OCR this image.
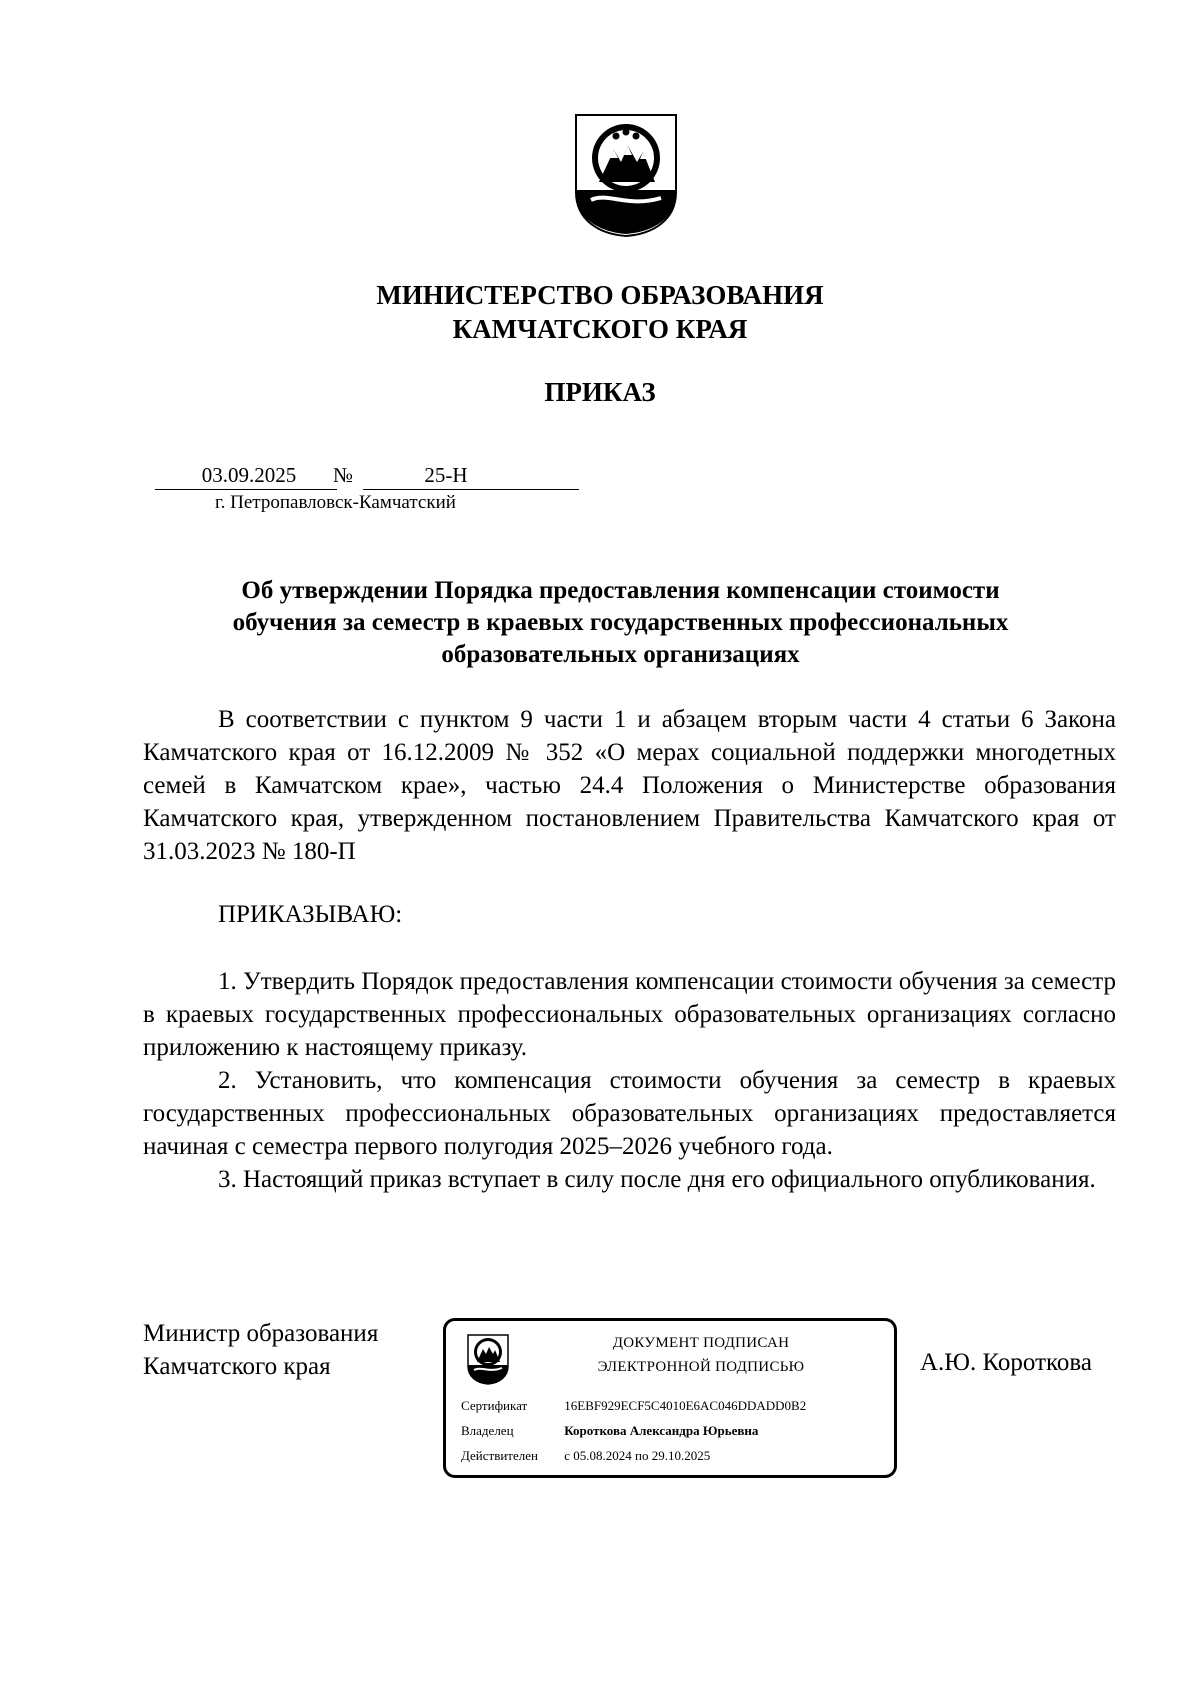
МИНИСТЕРСТВО ОБРАЗОВАНИЯ
КАМЧАТСКОГО КРАЯ
ПРИКАЗ
03.09.2025	№	25-Н
г. Петропавловск-Камчатский
Об утверждении Порядка предоставления компенсации стоимости
обучения за семестр в краевых государственных профессиональных
образовательных организациях

В соответствии с пунктом 9 части 1 и абзацем вторым части 4 статьи 6 Закона Камчатского края от 16.12.2009 № 352 «О мерах социальной поддержки многодетных семей в Камчатском крае», частью 24.4 Положения о Министерстве образования Камчатского края, утвержденном постановлением Правительства Камчатского края от 31.03.2023 № 180-П

ПРИКАЗЫВАЮ:

1. Утвердить Порядок предоставления компенсации стоимости обучения за семестр в краевых государственных профессиональных образовательных организациях согласно приложению к настоящему приказу.

2. Установить, что компенсация стоимости обучения за семестр в краевых государственных профессиональных образовательных организациях предоставляется начиная с семестра первого полугодия 2025–2026 учебного года.

3. Настоящий приказ вступает в силу после дня его официального опубликования.

Министр образования
Камчатского края
ДОКУМЕНТ ПОДПИСАН
ЭЛЕКТРОННОЙ ПОДПИСЬЮ
Сертификат	16EBF929ECF5C4010E6AC046DDADD0B2
Владелец	Короткова Александра Юрьевна
Действителен с 05.08.2024 по 29.10.2025
А.Ю. Короткова
